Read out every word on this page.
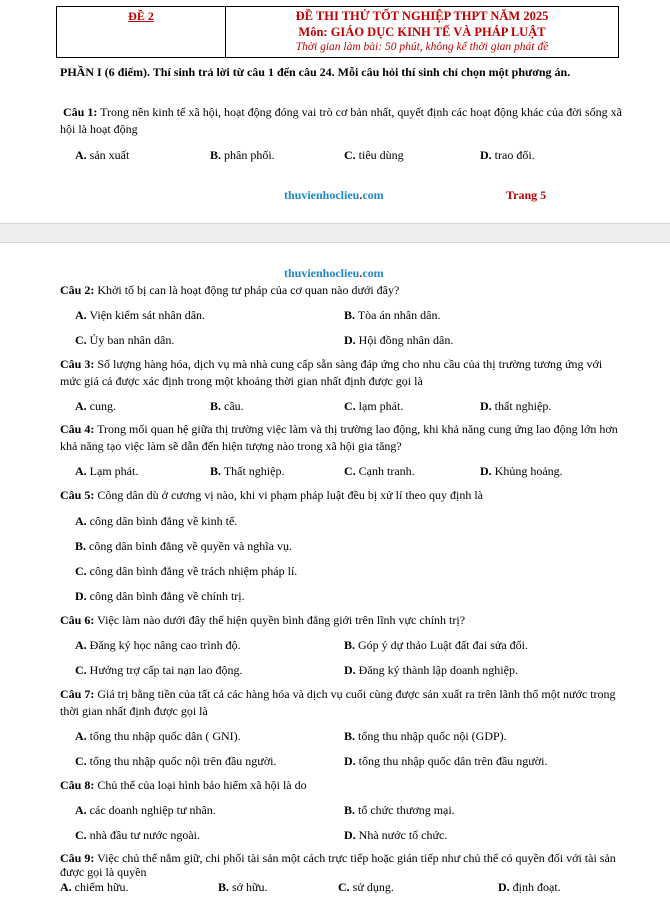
ĐỀ 2	ĐỀ THI THỬ TỐT NGHIỆP THPT NĂM 2025
Môn: GIÁO DỤC KINH TẾ VÀ PHÁP LUẬT
Thời gian làm bài: 50 phút, không kể thời gian phát đề
PHẦN I (6 điểm). Thí sinh trả lời từ câu 1 đến câu 24. Mỗi câu hỏi thí sinh chỉ chọn một phương án.
Câu 1: Trong nền kinh tế xã hội, hoạt động đóng vai trò cơ bản nhất, quyết định các hoạt động khác của đời sống xã hội là hoạt động
A. sản xuất	B. phân phối.	C. tiêu dùng	D. trao đổi.
thuvienhoclieu.com	Trang 5
thuvienhoclieu.com
Câu 2: Khởi tố bị can là hoạt động tư pháp của cơ quan nào dưới đây?
A. Viện kiểm sát nhân dân.	B. Tòa án nhân dân.
C. Ủy ban nhân dân.	D. Hội đồng nhân dân.
Câu 3: Số lượng hàng hóa, dịch vụ mà nhà cung cấp sẵn sàng đáp ứng cho nhu cầu của thị trường tương ứng với mức giá cả được xác định trong một khoảng thời gian nhất định được gọi là
A. cung.	B. cầu.	C. lạm phát.	D. thất nghiệp.
Câu 4: Trong mối quan hệ giữa thị trường việc làm và thị trường lao động, khi khả năng cung ứng lao động lớn hơn khả năng tạo việc làm sẽ dẫn đến hiện tượng nào trong xã hội gia tăng?
A. Lạm phát.	B. Thất nghiệp.	C. Cạnh tranh.	D. Khủng hoảng.
Câu 5: Công dân dù ở cương vị nào, khi vi phạm pháp luật đều bị xử lí theo quy định là
A. công dân bình đẳng về kinh tế.
B. công dân bình đẳng về quyền và nghĩa vụ.
C. công dân bình đẳng về trách nhiệm pháp lí.
D. công dân bình đẳng về chính trị.
Câu 6: Việc làm nào dưới đây thể hiện quyền bình đẳng giới trên lĩnh vực chính trị?
A. Đăng ký học nâng cao trình độ.	B. Góp ý dự thảo Luật đất đai sửa đổi.
C. Hưởng trợ cấp tai nạn lao động.	D. Đăng ký thành lập doanh nghiệp.
Câu 7: Giá trị bằng tiền của tất cả các hàng hóa và dịch vụ cuối cùng được sản xuất ra trên lãnh thổ một nước trong thời gian nhất định được gọi là
A. tổng thu nhập quốc dân ( GNI).	B. tổng thu nhập quốc nội (GDP).
C. tổng thu nhập quốc nội trên đầu người.	D. tổng thu nhập quốc dân trên đầu người.
Câu 8: Chủ thể của loại hình bảo hiểm xã hội là do
A. các doanh nghiệp tư nhân.	B. tổ chức thương mại.
C. nhà đầu tư nước ngoài.	D. Nhà nước tổ chức.
Câu 9: Việc chủ thể nắm giữ, chi phối tài sản một cách trực tiếp hoặc gián tiếp như chủ thể có quyền đối với tài sản được gọi là quyền
A. chiếm hữu.	B. sở hữu.	C. sử dụng.	D. định đoạt.
